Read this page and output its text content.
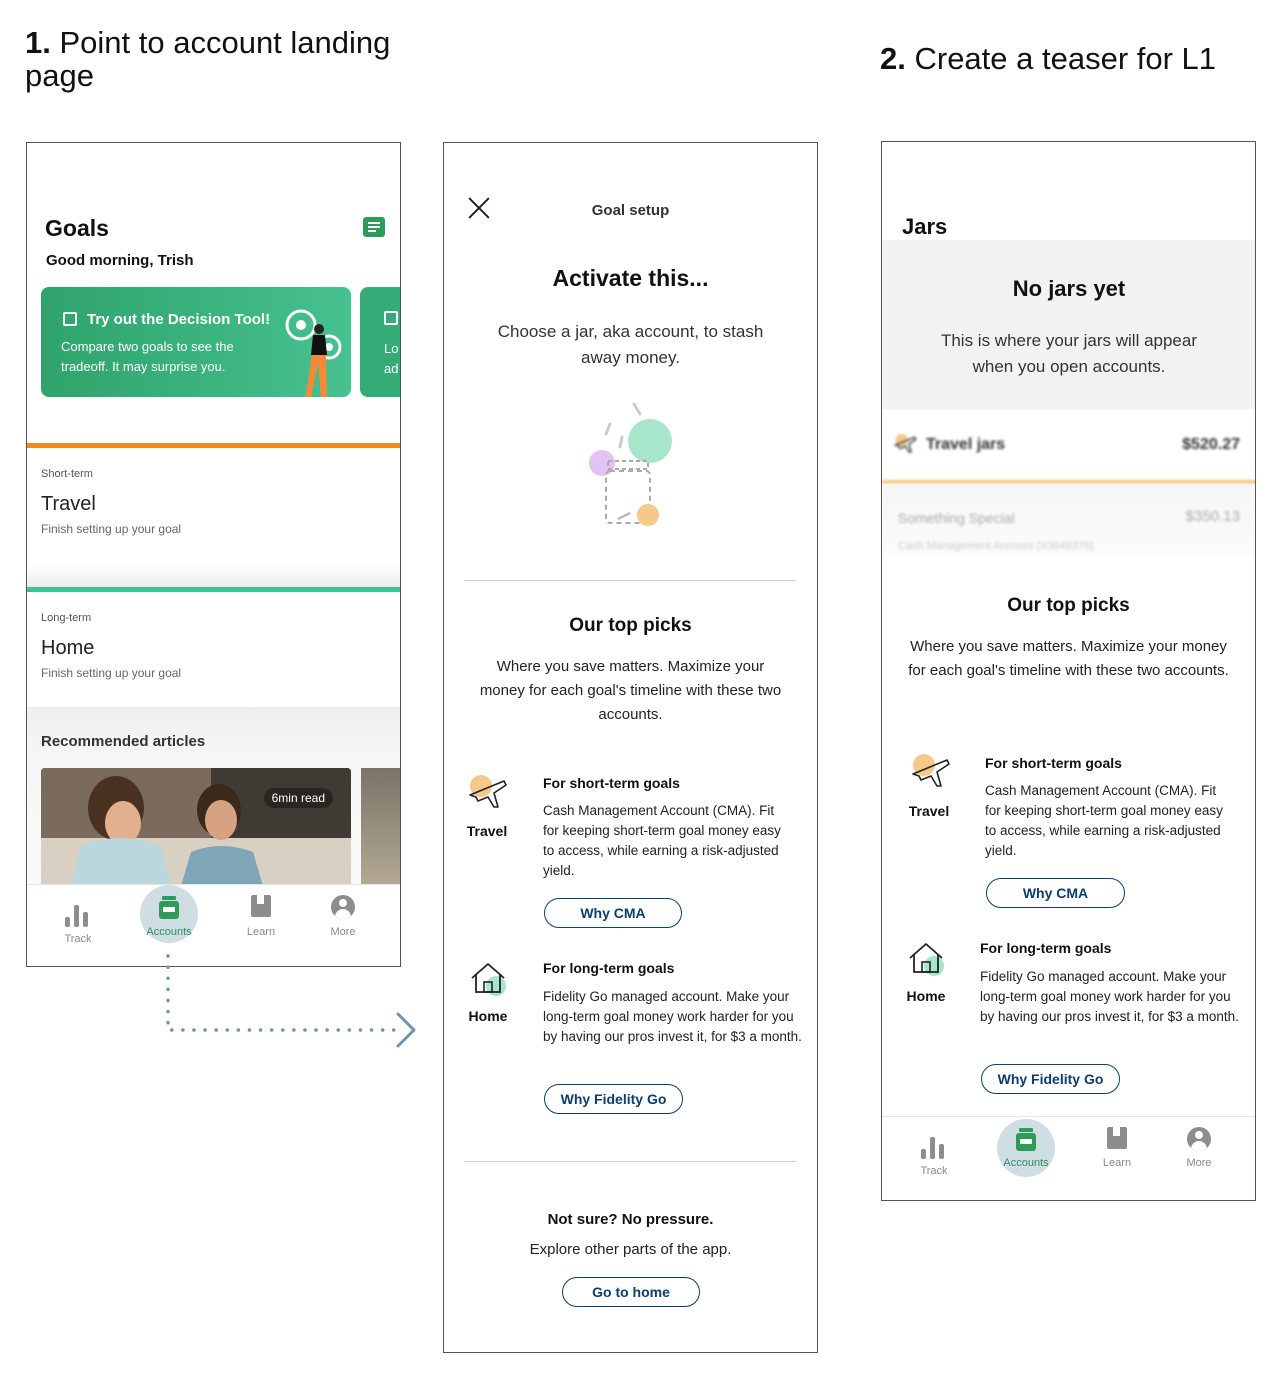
1. Point to account landing page	2. Create a teaser for L1
Goals
Good morning, Trish
Try out the Decision Tool!
Compare two goals to see the tradeoff. It may surprise you.
Lo ad
Short-term
Travel
Finish setting up your goal
Long-term
Home
Finish setting up your goal
Recommended articles
6min read
Track
Accounts	Learn	More
Goal setup
Activate this...
Choose a jar, aka account, to stash away money.
Our top picks
Where you save matters. Maximize your money for each goal's timeline with these two accounts.
Travel
For short-term goals
Cash Management Account (CMA). Fit for keeping short-term goal money easy to access, while earning a risk-adjusted yield.
Why CMA
Home
For long-term goals
Fidelity Go managed account. Make your long-term goal money work harder for you by having our pros invest it, for $3 a month.
Why Fidelity Go
Not sure? No pressure.
Explore other parts of the app.
Go to home
Jars
No jars yet
This is where your jars will appear when you open accounts.
Travel jars	$520.27
Something Special	$350.13
Cash Management Account (X3648375)
Our top picks
Where you save matters. Maximize your money for each goal's timeline with these two accounts.
Travel
For short-term goals
Cash Management Account (CMA). Fit for keeping short-term goal money easy to access, while earning a risk-adjusted yield.
Why CMA
Home
For long-term goals
Fidelity Go managed account. Make your long-term goal money work harder for you by having our pros invest it, for $3 a month.
Why Fidelity Go
Track
Accounts	Learn	More
